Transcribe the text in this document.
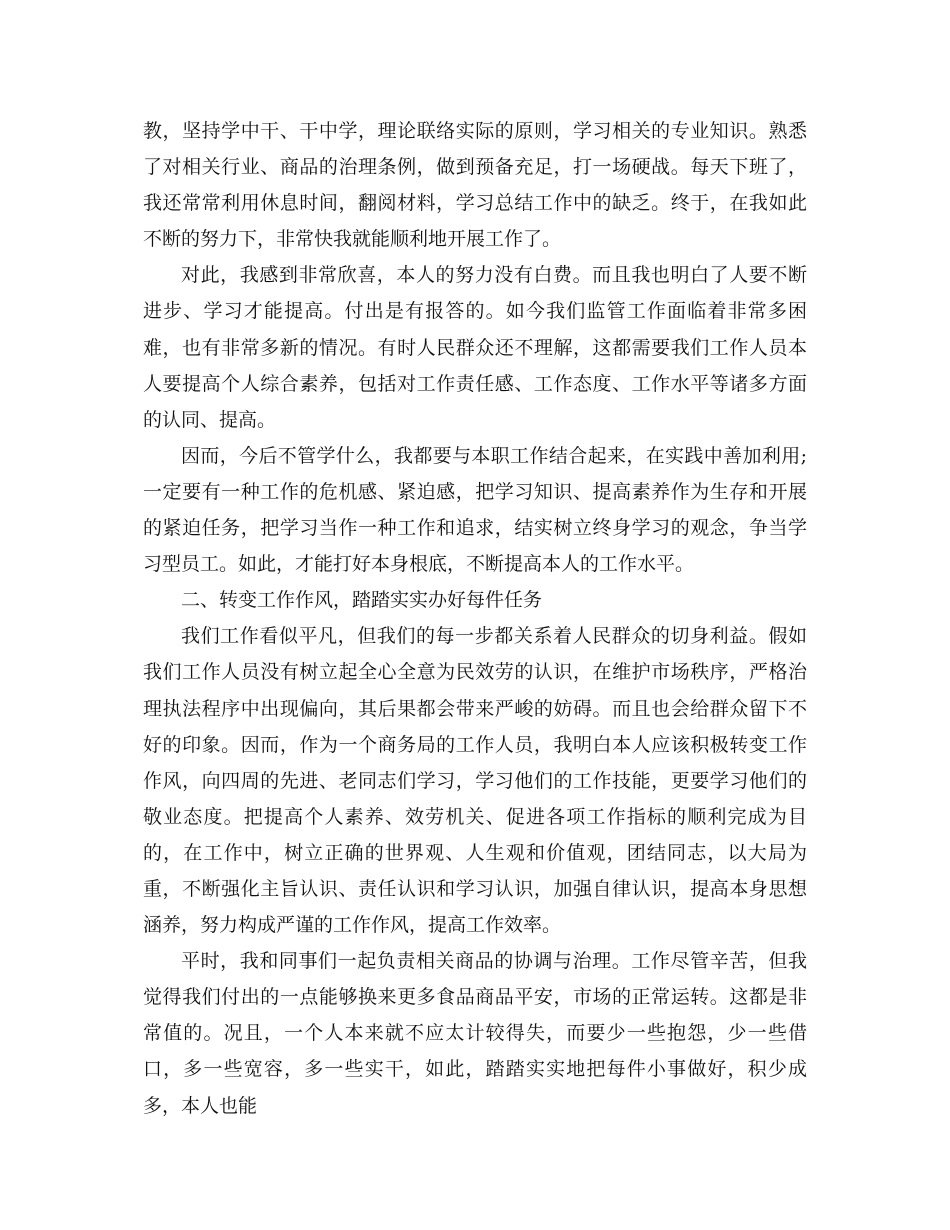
教，坚持学中干、干中学，理论联络实际的原则，学习相关的专业知识。熟悉了对相关行业、商品的治理条例，做到预备充足，打一场硬战。每天下班了，我还常常利用休息时间，翻阅材料，学习总结工作中的缺乏。终于，在我如此不断的努力下，非常快我就能顺利地开展工作了。

对此，我感到非常欣喜，本人的努力没有白费。而且我也明白了人要不断进步、学习才能提高。付出是有报答的。如今我们监管工作面临着非常多困难，也有非常多新的情况。有时人民群众还不理解，这都需要我们工作人员本人要提高个人综合素养，包括对工作责任感、工作态度、工作水平等诸多方面的认同、提高。

因而，今后不管学什么，我都要与本职工作结合起来，在实践中善加利用;一定要有一种工作的危机感、紧迫感，把学习知识、提高素养作为生存和开展的紧迫任务，把学习当作一种工作和追求，结实树立终身学习的观念，争当学习型员工。如此，才能打好本身根底，不断提高本人的工作水平。

二、转变工作作风，踏踏实实办好每件任务

我们工作看似平凡，但我们的每一步都关系着人民群众的切身利益。假如我们工作人员没有树立起全心全意为民效劳的认识，在维护市场秩序，严格治理执法程序中出现偏向，其后果都会带来严峻的妨碍。而且也会给群众留下不好的印象。因而，作为一个商务局的工作人员，我明白本人应该积极转变工作作风，向四周的先进、老同志们学习，学习他们的工作技能，更要学习他们的敬业态度。把提高个人素养、效劳机关、促进各项工作指标的顺利完成为目的，在工作中，树立正确的世界观、人生观和价值观，团结同志，以大局为重，不断强化主旨认识、责任认识和学习认识，加强自律认识，提高本身思想涵养，努力构成严谨的工作作风，提高工作效率。

平时，我和同事们一起负责相关商品的协调与治理。工作尽管辛苦，但我觉得我们付出的一点能够换来更多食品商品平安，市场的正常运转。这都是非常值的。况且，一个人本来就不应太计较得失，而要少一些抱怨，少一些借口，多一些宽容，多一些实干，如此，踏踏实实地把每件小事做好，积少成多，本人也能
